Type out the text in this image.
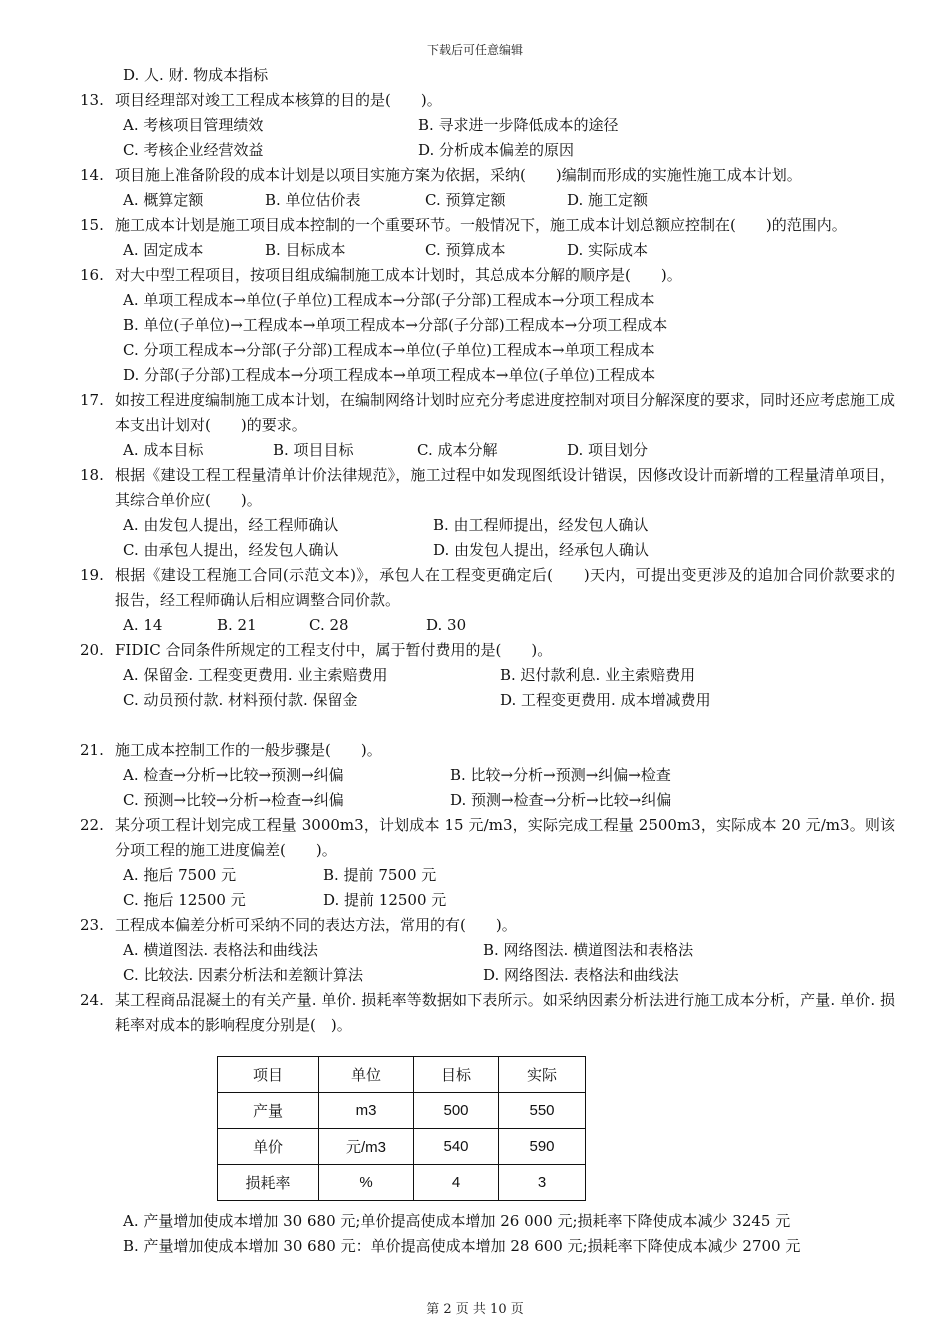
下载后可任意编辑
D. 人. 财. 物成本指标
13. 项目经理部对竣工工程成本核算的目的是(　　)。
A. 考核项目管理绩效	B. 寻求进一步降低成本的途径
C. 考核企业经营效益	D. 分析成本偏差的原因
14. 项目施上准备阶段的成本计划是以项目实施方案为依据，采纳(　　)编制而形成的实施性施工成本计划。
A. 概算定额	B. 单位估价表	C. 预算定额	D. 施工定额
15. 施工成本计划是施工项目成本控制的一个重要环节。一般情况下，施工成本计划总额应控制在(　　)的范围内。
A. 固定成本	B. 目标成本	C. 预算成本	D. 实际成本
16. 对大中型工程项目，按项目组成编制施工成本计划时，其总成本分解的顺序是(　　)。
A. 单项工程成本→单位(子单位)工程成本→分部(子分部)工程成本→分项工程成本
B. 单位(子单位)→工程成本→单项工程成本→分部(子分部)工程成本→分项工程成本
C. 分项工程成本→分部(子分部)工程成本→单位(子单位)工程成本→单项工程成本
D. 分部(子分部)工程成本→分项工程成本→单项工程成本→单位(子单位)工程成本
17. 如按工程进度编制施工成本计划，在编制网络计划时应充分考虑进度控制对项目分解深度的要求，同时还应考虑施工成本支出计划对(　　)的要求。
A. 成本目标	B. 项目目标	C. 成本分解	D. 项目划分
18. 根据《建设工程工程量清单计价法律规范》，施工过程中如发现图纸设计错误，因修改设计而新增的工程量清单项目，其综合单价应(　　)。
A. 由发包人提出，经工程师确认	B. 由工程师提出，经发包人确认
C. 由承包人提出，经发包人确认	D. 由发包人提出，经承包人确认
19. 根据《建设工程施工合同(示范文本)》，承包人在工程变更确定后(　　)天内，可提出变更涉及的追加合同价款要求的报告，经工程师确认后相应调整合同价款。
A. 14	B. 21	C. 28	D. 30
20. FIDIC 合同条件所规定的工程支付中，属于暂付费用的是(　　)。
A. 保留金. 工程变更费用. 业主索赔费用	B. 迟付款利息. 业主索赔费用
C. 动员预付款. 材料预付款. 保留金	D. 工程变更费用. 成本增减费用
21. 施工成本控制工作的一般步骤是(　　)。
A. 检查→分析→比较→预测→纠偏	B. 比较→分析→预测→纠偏→检查
C. 预测→比较→分析→检查→纠偏	D. 预测→检查→分析→比较→纠偏
22. 某分项工程计划完成工程量 3000m3，计划成本 15 元/m3，实际完成工程量 2500m3，实际成本 20 元/m3。则该分项工程的施工进度偏差(　　)。
A. 拖后 7500 元	B. 提前 7500 元
C. 拖后 12500 元	D. 提前 12500 元
23. 工程成本偏差分析可采纳不同的表达方法，常用的有(　　)。
A. 横道图法. 表格法和曲线法	B. 网络图法. 横道图法和表格法
C. 比较法. 因素分析法和差额计算法	D. 网络图法. 表格法和曲线法
24. 某工程商品混凝土的有关产量. 单价. 损耗率等数据如下表所示。如采纳因素分析法进行施工成本分析，产量. 单价. 损耗率对成本的影响程度分别是(　)。
项目	单位	目标	实际
产量	m3	500	550
单价	元/m3	540	590
损耗率	%	4	3
A. 产量增加使成本增加 30 680 元;单价提高使成本增加 26 000 元;损耗率下降使成本减少 3245 元
B. 产量增加使成本增加 30 680 元：单价提高使成本增加 28 600 元;损耗率下降使成本减少 2700 元
第 2 页 共 10 页
